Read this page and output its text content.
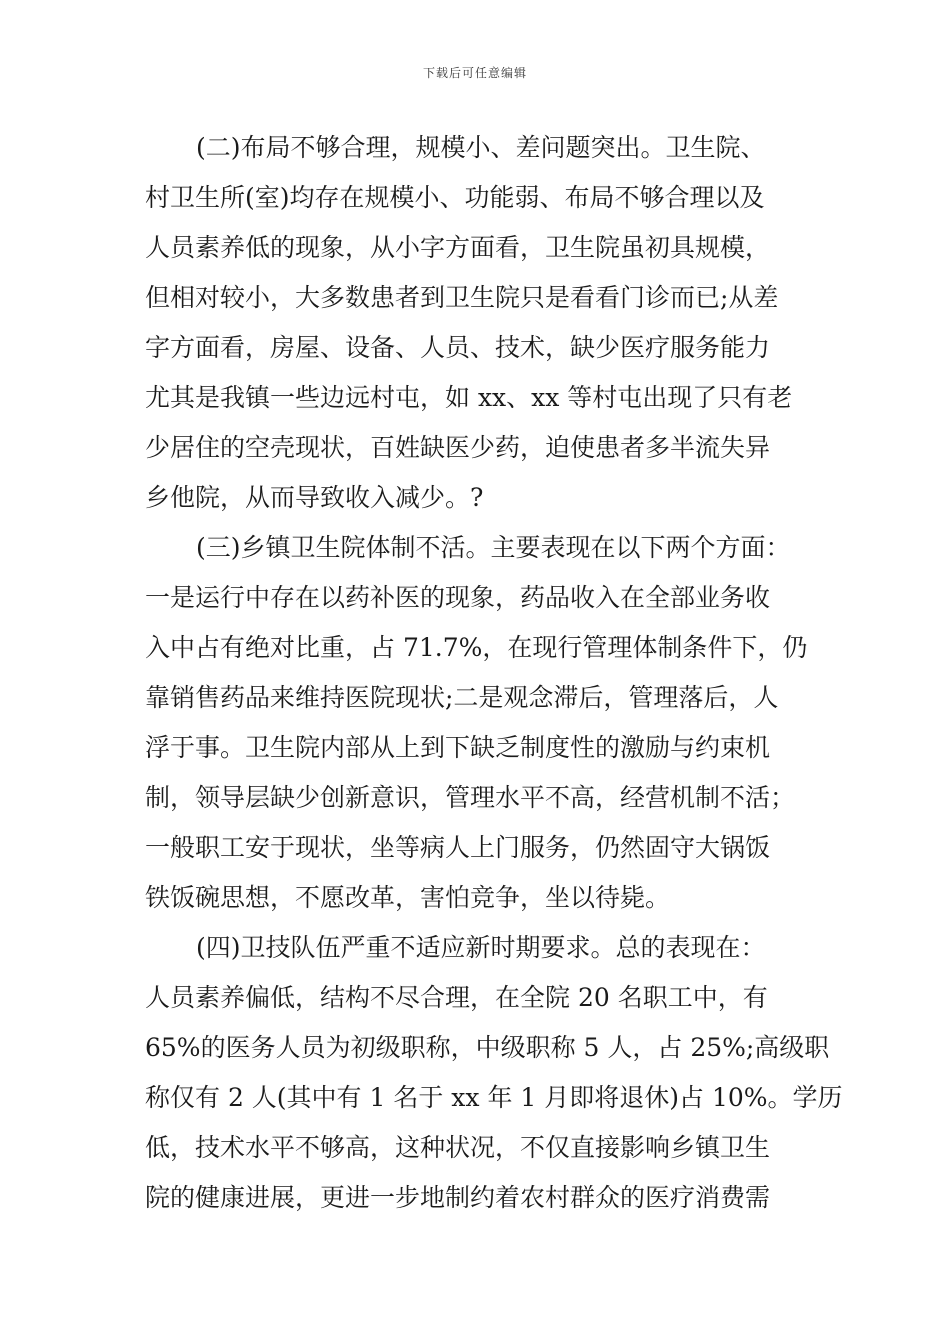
下载后可任意编辑
(二)布局不够合理，规模小、差问题突出。卫生院、
村卫生所(室)均存在规模小、功能弱、布局不够合理以及
人员素养低的现象，从小字方面看，卫生院虽初具规模，
但相对较小，大多数患者到卫生院只是看看门诊而已;从差
字方面看，房屋、设备、人员、技术，缺少医疗服务能力
尤其是我镇一些边远村屯，如 xx、xx 等村屯出现了只有老
少居住的空壳现状，百姓缺医少药，迫使患者多半流失异
乡他院，从而导致收入减少。?
(三)乡镇卫生院体制不活。主要表现在以下两个方面：
一是运行中存在以药补医的现象，药品收入在全部业务收
入中占有绝对比重，占 71.7%，在现行管理体制条件下，仍
靠销售药品来维持医院现状;二是观念滞后，管理落后，人
浮于事。卫生院内部从上到下缺乏制度性的激励与约束机
制，领导层缺少创新意识，管理水平不高，经营机制不活；
一般职工安于现状，坐等病人上门服务，仍然固守大锅饭
铁饭碗思想，不愿改革，害怕竞争，坐以待毙。
(四)卫技队伍严重不适应新时期要求。总的表现在：
人员素养偏低，结构不尽合理，在全院 20 名职工中，有
65%的医务人员为初级职称，中级职称 5 人，占 25%;高级职
称仅有 2 人(其中有 1 名于 xx 年 1 月即将退休)占 10%。学历
低，技术水平不够高，这种状况，不仅直接影响乡镇卫生
院的健康进展，更进一步地制约着农村群众的医疗消费需
